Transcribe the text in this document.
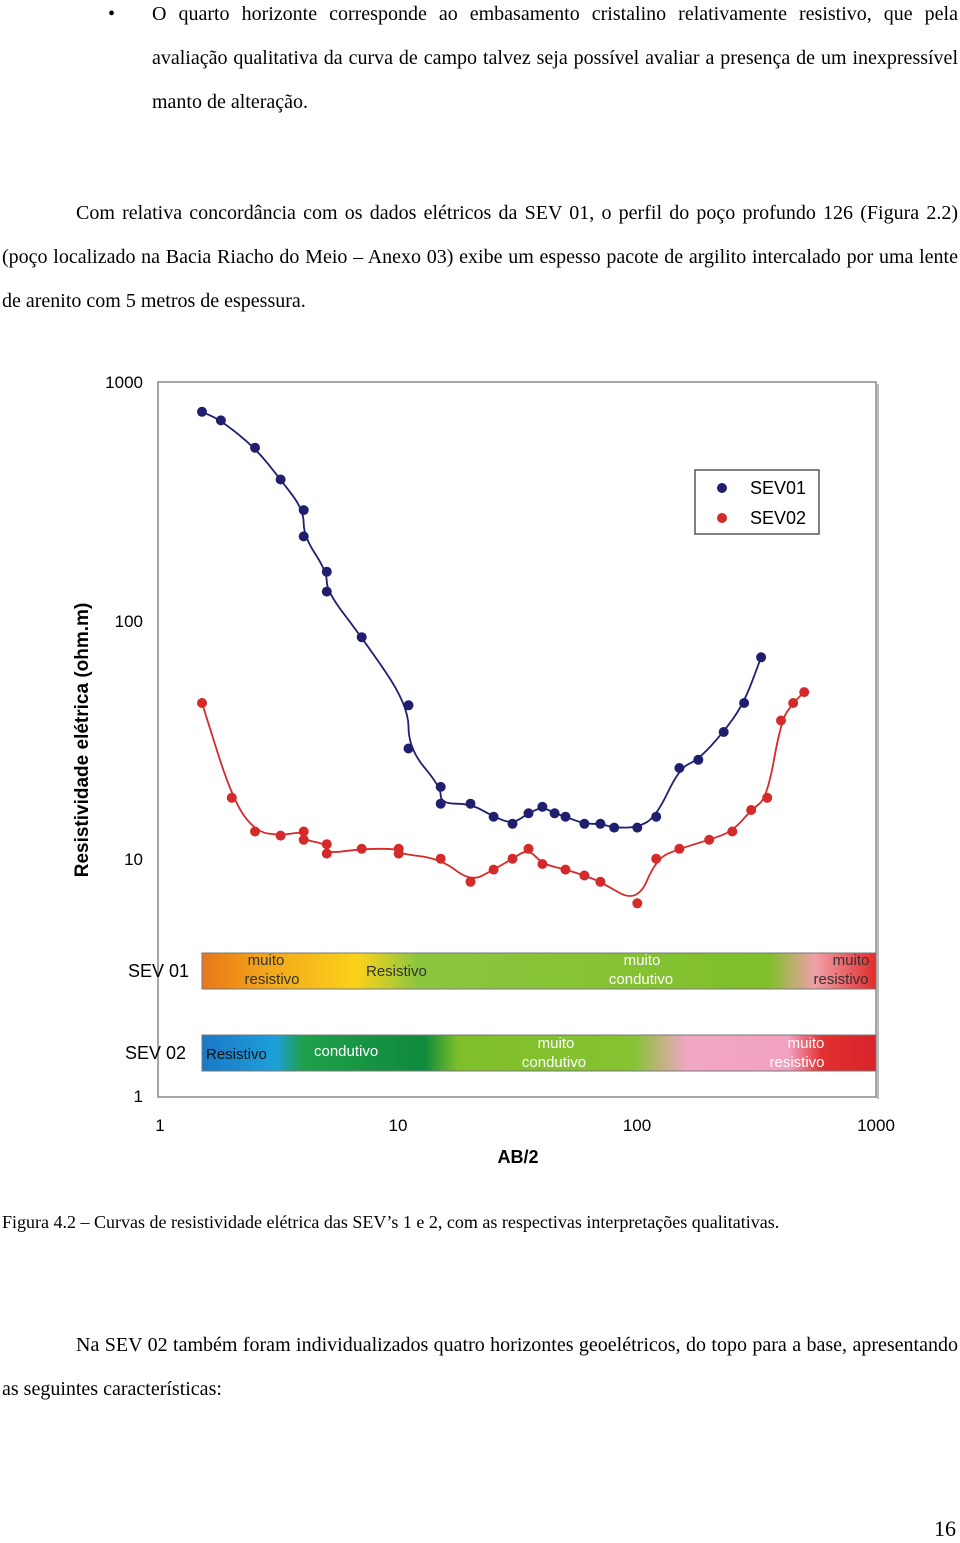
• O quarto horizonte corresponde ao embasamento cristalino relativamente resistivo, que pela avaliação qualitativa da curva de campo talvez seja possível avaliar a presença de um inexpressível manto de alteração.

Com relativa concordância com os dados elétricos da SEV 01, o perfil do poço profundo 126 (Figura 2.2) (poço localizado na Bacia Riacho do Meio – Anexo 03) exibe um espesso pacote de argilito intercalado por uma lente de arenito com 5 metros de espessura.

1000
100
10
1
Resistividade elétrica (ohm.m)
1	10	100	1000
AB/2
SEV01
SEV02
SEV 01
muito resistivo	Resistivo
muito condutivo
muito resistivo
SEV 02 Resistivo	condutivo	muito condutivo
muito resistivo

Figura 4.2 – Curvas de resistividade elétrica das SEV’s 1 e 2, com as respectivas interpretações qualitativas.

Na SEV 02 também foram individualizados quatro horizontes geoelétricos, do topo para a base, apresentando as seguintes características:

16
